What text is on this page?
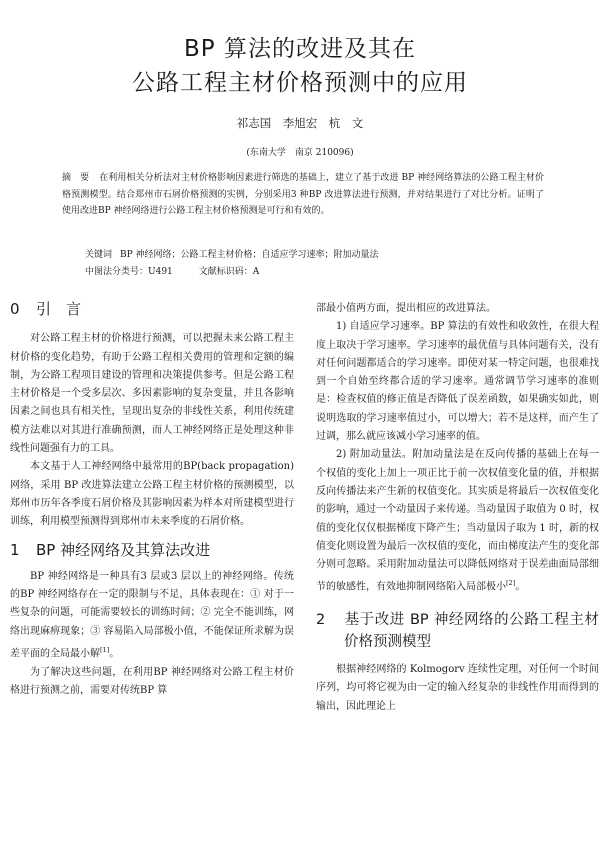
BP 算法的改进及其在
公路工程主材价格预测中的应用
祁志国　李旭宏　杭　文
(东南大学　南京 210096)
摘　要 在利用相关分析法对主材价格影响因素进行筛选的基础上，建立了基于改进 BP 神经网络算法的公路工程主材价格预测模型。结合郑州市石屑价格预测的实例，分别采用3 种BP 改进算法进行预测，并对结果进行了对比分析。证明了使用改进BP 神经网络进行公路工程主材价格预测是可行和有效的。
关键词 BP 神经网络；公路工程主材价格；自适应学习速率；附加动量法
中图法分类号：U491	文献标识码：A
0 引　言

对公路工程主材的价格进行预测，可以把握未来公路工程主材价格的变化趋势，有助于公路工程相关费用的管理和定额的编制，为公路工程项目建设的管理和决策提供参考。但是公路工程主材价格是一个受多层次、多因素影响的复杂变量，并且各影响因素之间也具有相关性，呈现出复杂的非线性关系，利用传统建模方法难以对其进行准确预测，而人工神经网络正是处理这种非线性问题强有力的工具。

本文基于人工神经网络中最常用的BP(back propagation)网络，采用 BP 改进算法建立公路工程主材价格的预测模型，以郑州市历年各季度石屑价格及其影响因素为样本对所建模型进行训练，利用模型预测得到郑州市未来季度的石屑价格。

1 BP 神经网络及其算法改进

BP 神经网络是一种具有3 层或3 层以上的神经网络。传统的BP 神经网络存在一定的限制与不足，具体表现在：① 对于一些复杂的问题，可能需要较长的训练时间；② 完全不能训练，网络出现麻痹现象；③ 容易陷入局部极小值，不能保证所求解为误差平面的全局最小解[1]。

为了解决这些问题，在利用BP 神经网络对公路工程主材价格进行预测之前，需要对传统BP 算

部最小值两方面，提出相应的改进算法。

1) 自适应学习速率。BP 算法的有效性和收敛性，在很大程度上取决于学习速率。学习速率的最优值与具体问题有关，没有对任何问题都适合的学习速率。即使对某一特定问题，也很难找到一个自始至终都合适的学习速率。通常调节学习速率的准则是：检查权值的修正值是否降低了误差函数，如果确实如此，则说明选取的学习速率值过小，可以增大；若不是这样，而产生了过调，那么就应该减小学习速率的值。

2) 附加动量法。附加动量法是在反向传播的基础上在每一个权值的变化上加上一项正比于前一次权值变化量的值，并根据反向传播法来产生新的权值变化。其实质是将最后一次权值变化的影响，通过一个动量因子来传递。当动量因子取值为 0 时，权值的变化仅仅根据梯度下降产生；当动量因子取为 1 时，新的权值变化则设置为最后一次权值的变化，而由梯度法产生的变化部分则可忽略。采用附加动量法可以降低网络对于误差曲面局部细节的敏感性，有效地抑制网络陷入局部极小[2]。

2 基于改进 BP 神经网络的公路工程主材价格预测模型

根据神经网络的 Kolmogorv 连续性定理，对任何一个时间序列，均可将它视为由一定的输入经复杂的非线性作用而得到的输出，因此理论上
